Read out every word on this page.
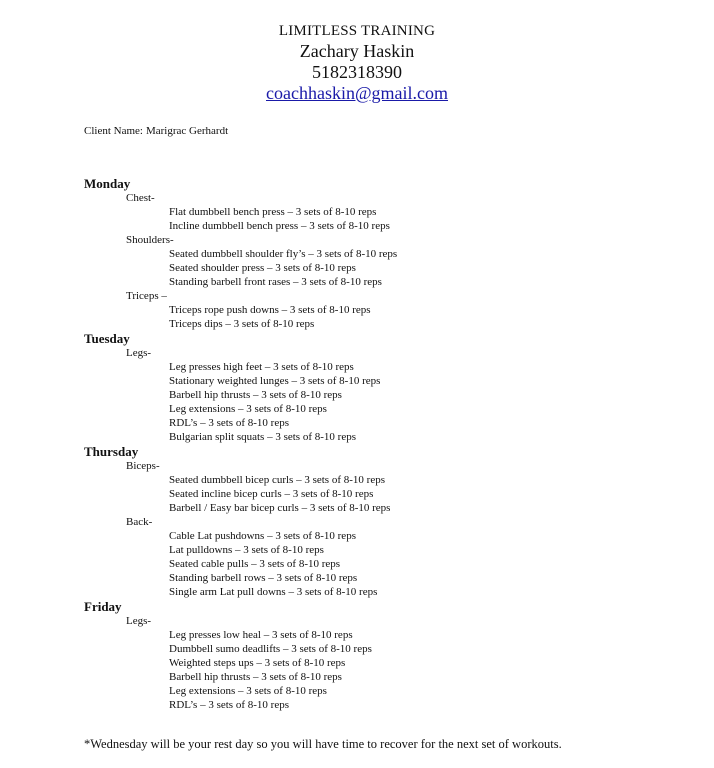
LIMITLESS TRAINING
Zachary Haskin
5182318390
coachhaskin@gmail.com
Client Name: Marigrac Gerhardt
Monday
Chest-
Flat dumbbell bench press – 3 sets of 8-10 reps
Incline dumbbell bench press – 3 sets of 8-10 reps
Shoulders-
Seated dumbbell shoulder fly’s – 3 sets of 8-10 reps
Seated shoulder press – 3 sets of 8-10 reps
Standing barbell front rases – 3 sets of 8-10 reps
Triceps –
Triceps rope push downs – 3 sets of 8-10 reps
Triceps dips – 3 sets of 8-10 reps
Tuesday
Legs-
Leg presses high feet – 3 sets of 8-10 reps
Stationary weighted lunges – 3 sets of 8-10 reps
Barbell hip thrusts – 3 sets of 8-10 reps
Leg extensions – 3 sets of 8-10 reps
RDL’s – 3 sets of 8-10 reps
Bulgarian split squats – 3 sets of 8-10 reps
Thursday
Biceps-
Seated dumbbell bicep curls – 3 sets of 8-10 reps
Seated incline bicep curls – 3 sets of 8-10 reps
Barbell / Easy bar bicep curls – 3 sets of 8-10 reps
Back-
Cable Lat pushdowns – 3 sets of 8-10 reps
Lat pulldowns – 3 sets of 8-10 reps
Seated cable pulls – 3 sets of 8-10 reps
Standing barbell rows – 3 sets of 8-10 reps
Single arm Lat pull downs – 3 sets of 8-10 reps
Friday
Legs-
Leg presses low heal – 3 sets of 8-10 reps
Dumbbell sumo deadlifts – 3 sets of 8-10 reps
Weighted steps ups – 3 sets of 8-10 reps
Barbell hip thrusts – 3 sets of 8-10 reps
Leg extensions – 3 sets of 8-10 reps
RDL’s – 3 sets of 8-10 reps
*Wednesday will be your rest day so you will have time to recover for the next set of workouts.
